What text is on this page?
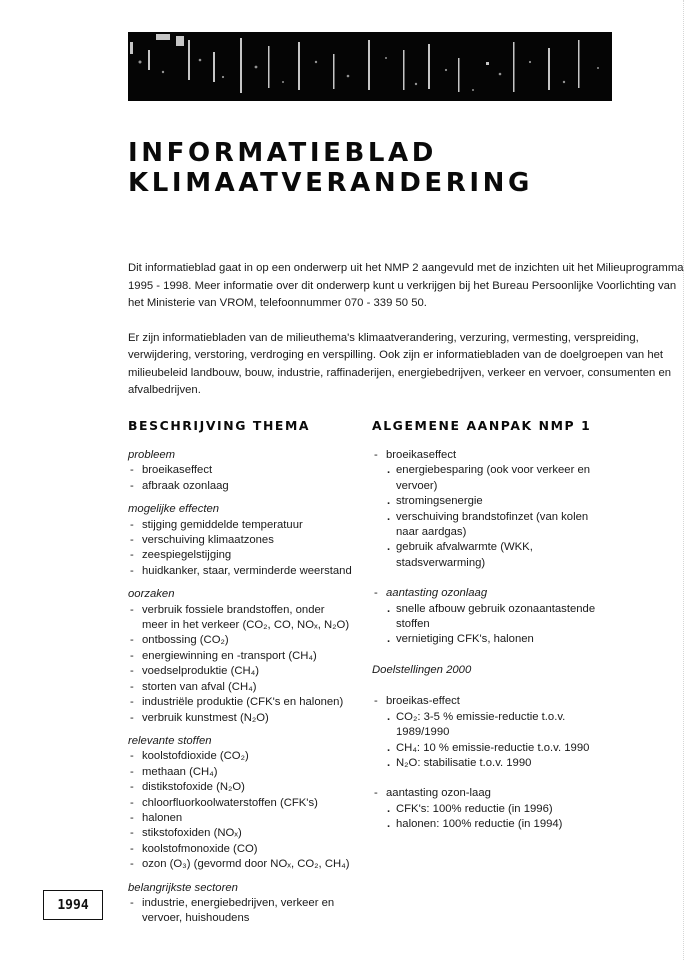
INFORMATIEBLAD
KLIMAATVERANDERING

Dit informatieblad gaat in op een onderwerp uit het NMP 2 aangevuld met de inzichten uit het Milieuprogramma 1995 - 1998. Meer informatie over dit onderwerp kunt u verkrijgen bij het Bureau Persoonlijke Voorlichting van het Ministerie van VROM, telefoonnummer 070 - 339 50 50.

Er zijn informatiebladen van de milieuthema's klimaatverandering, verzuring, vermesting, verspreiding, verwijdering, verstoring, verdroging en verspilling. Ook zijn er informatiebladen van de doelgroepen van het milieubeleid landbouw, bouw, industrie, raffinaderijen, energiebedrijven, verkeer en vervoer, consumenten en afvalbedrijven.

BESCHRIJVING THEMA

probleem

- broeikaseffect
- afbraak ozonlaag

mogelijke effecten

- stijging gemiddelde temperatuur
- verschuiving klimaatzones
- zeespiegelstijging
- huidkanker, staar, verminderde weerstand

oorzaken

- verbruik fossiele brandstoffen, onder meer in het verkeer (CO₂, CO, NOₓ, N₂O)
- ontbossing (CO₂)
- energiewinning en -transport (CH₄)
- voedselproduktie (CH₄)
- storten van afval (CH₄)
- industriële produktie (CFK's en halonen)
- verbruik kunstmest (N₂O)

relevante stoffen

- koolstofdioxide (CO₂)
- methaan (CH₄)
- distikstofoxide (N₂O)
- chloorfluorkoolwaterstoffen (CFK's)
- halonen
- stikstofoxiden (NOₓ)
- koolstofmonoxide (CO)
- ozon (O₃) (gevormd door NOₓ, CO₂, CH₄)

belangrijkste sectoren

- industrie, energiebedrijven, verkeer en vervoer, huishoudens
ALGEMENE AANPAK NMP 1
- broeikaseffect
. energiebesparing (ook voor verkeer en vervoer)
. stromingsenergie
. verschuiving brandstofinzet (van kolen naar aardgas)
. gebruik afvalwarmte (WKK, stadsverwarming)
- aantasting ozonlaag
. snelle afbouw gebruik ozonaantastende stoffen
. vernietiging CFK's, halonen

Doelstellingen 2000

- broeikas-effect
. CO₂: 3-5 % emissie-reductie t.o.v. 1989/1990
. CH₄: 10 % emissie-reductie t.o.v. 1990
. N₂O: stabilisatie t.o.v. 1990
- aantasting ozon-laag
. CFK's: 100% reductie (in 1996)
. halonen: 100% reductie (in 1994)
1994
